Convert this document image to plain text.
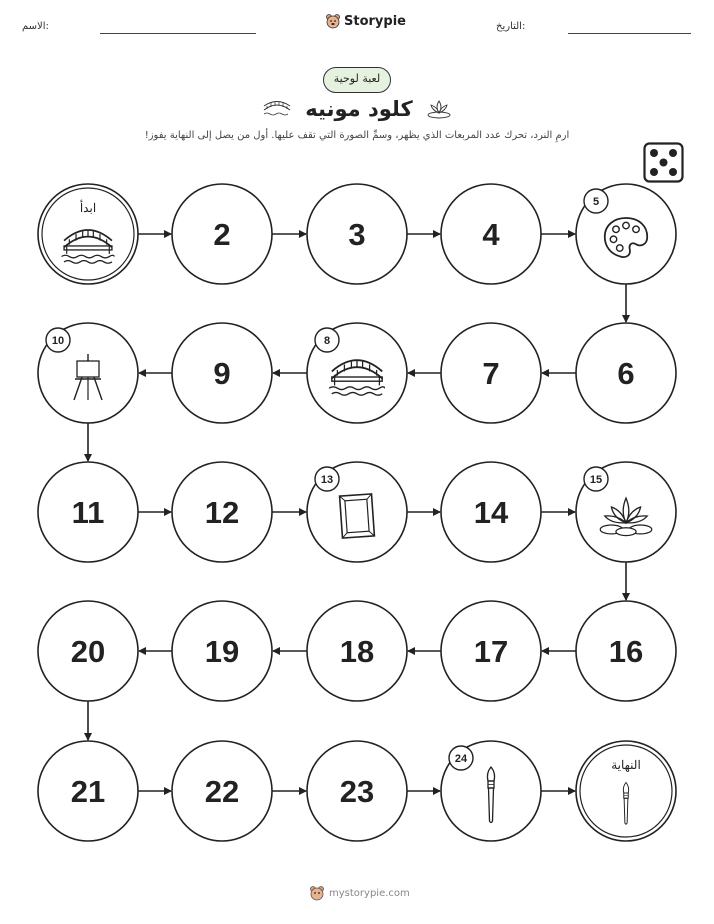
الاسم:	Storypie	التاريخ:
لعبة لوحية
كلود مونيه
ارمِ النرد، تحرك عدد المربعات الذي يظهر، وسمِّ الصورة التي تقف عليها. أول من يصل إلى النهاية يفوز!
ابدأ
2	3	4
5
6
7
8
9
10
11	12
13
14
15
16
17
18
19
20
21	22	23
24	النهاية
mystorypie.com
